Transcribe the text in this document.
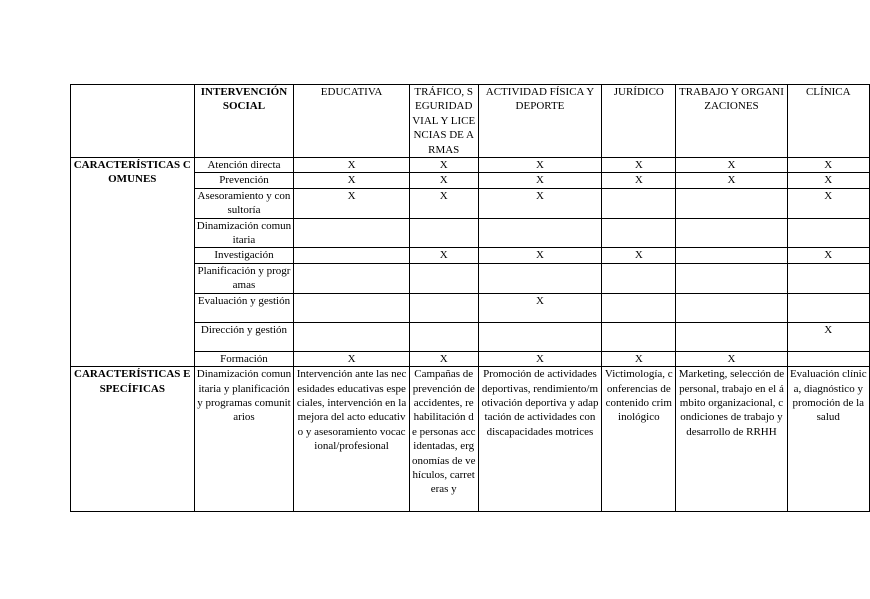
	INTERVENCIÓN SOCIAL	EDUCATIVA	TRÁFICO, SEGURIDAD VIAL Y LICENCIAS DE ARMAS	ACTIVIDAD FÍSICA Y DEPORTE	JURÍDICO	TRABAJO Y ORGANIZACIONES	CLÍNICA
CARACTERÍSTICAS COMUNES	Atención directa	X	X	X	X	X	X
	Prevención	X	X	X	X	X	X
	Asesoramiento y consultoría	X	X	X			X
	Dinamización comunitaria						
	Investigación		X	X	X		X
	Planificación y programas						
	Evaluación y gestión			X			
	Dirección y gestión						X
	Formación	X	X	X	X	X	
CARACTERÍSTICAS ESPECÍFICAS	Dinamización comunitaria y planificación y programas comunitarios	Intervención ante las necesidades educativas especiales, intervención en la mejora del acto educativo y asesoramiento vocacional/profesional	Campañas de prevención de accidentes, rehabilitación de personas accidentadas, ergonomías de vehículos, carreteras y	Promoción de actividades deportivas, rendimiento/motivación deportiva y adaptación de actividades con discapacidades motrices	Victimología, conferencias de contenido criminológico	Marketing, selección de personal, trabajo en el ámbito organizacional, condiciones de trabajo y desarrollo de RRHH	Evaluación clínica, diagnóstico y promoción de la salud
